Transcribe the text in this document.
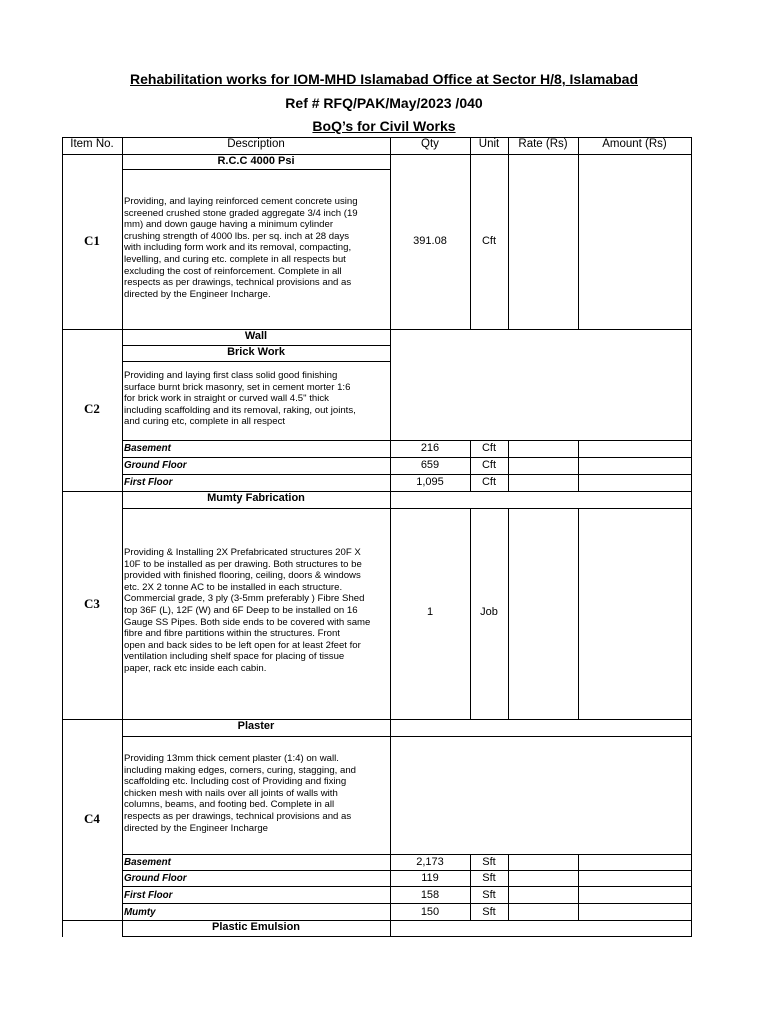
Rehabilitation works for IOM-MHD Islamabad Office at Sector H/8, Islamabad
Ref # RFQ/PAK/May/2023 /040
BoQ’s for Civil Works
Item No.	Description	Qty	Unit	Rate (Rs)	Amount (Rs)
R.C.C 4000 Psi
C1
Providing, and laying reinforced cement concrete using
screened crushed stone graded aggregate 3/4 inch (19
mm) and down gauge having a minimum cylinder
crushing strength of 4000 lbs. per sq. inch at 28 days
with including form work and its removal, compacting,
levelling, and curing etc. complete in all respects but
excluding the cost of reinforcement. Complete in all
respects as per drawings, technical provisions and as
directed by the Engineer Incharge.
391.08	Cft
Wall
Brick Work
C2
Providing and laying first class solid good finishing
surface burnt brick masonry, set in cement morter 1:6
for brick work in straight or curved wall 4.5" thick
including scaffolding and its removal, raking, out joints,
and curing etc, complete in all respect
Basement	216	Cft
Ground Floor	659	Cft
First Floor	1,095	Cft
Mumty Fabrication
C3
Providing & Installing 2X Prefabricated structures 20F X
10F to be installed as per drawing. Both structures to be
provided with finished flooring, ceiling, doors & windows
etc. 2X 2 tonne AC to be installed in each structure.
Commercial grade, 3 ply (3-5mm preferably ) Fibre Shed
top 36F (L), 12F (W) and 6F Deep to be installed on 16
Gauge SS Pipes. Both side ends to be covered with same
fibre and fibre partitions within the structures. Front
open and back sides to be left open for at least 2feet for
ventilation including shelf space for placing of tissue
paper, rack etc inside each cabin.
1	Job
Plaster
C4
Providing 13mm thick cement plaster (1:4) on wall.
including making edges, corners, curing, stagging, and
scaffolding etc. Including cost of Providing and fixing
chicken mesh with nails over all joints of walls with
columns, beams, and footing bed. Complete in all
respects as per drawings, technical provisions and as
directed by the Engineer Incharge
Basement	2,173	Sft
Ground Floor	119	Sft
First Floor	158	Sft
Mumty	150	Sft
Plastic Emulsion
